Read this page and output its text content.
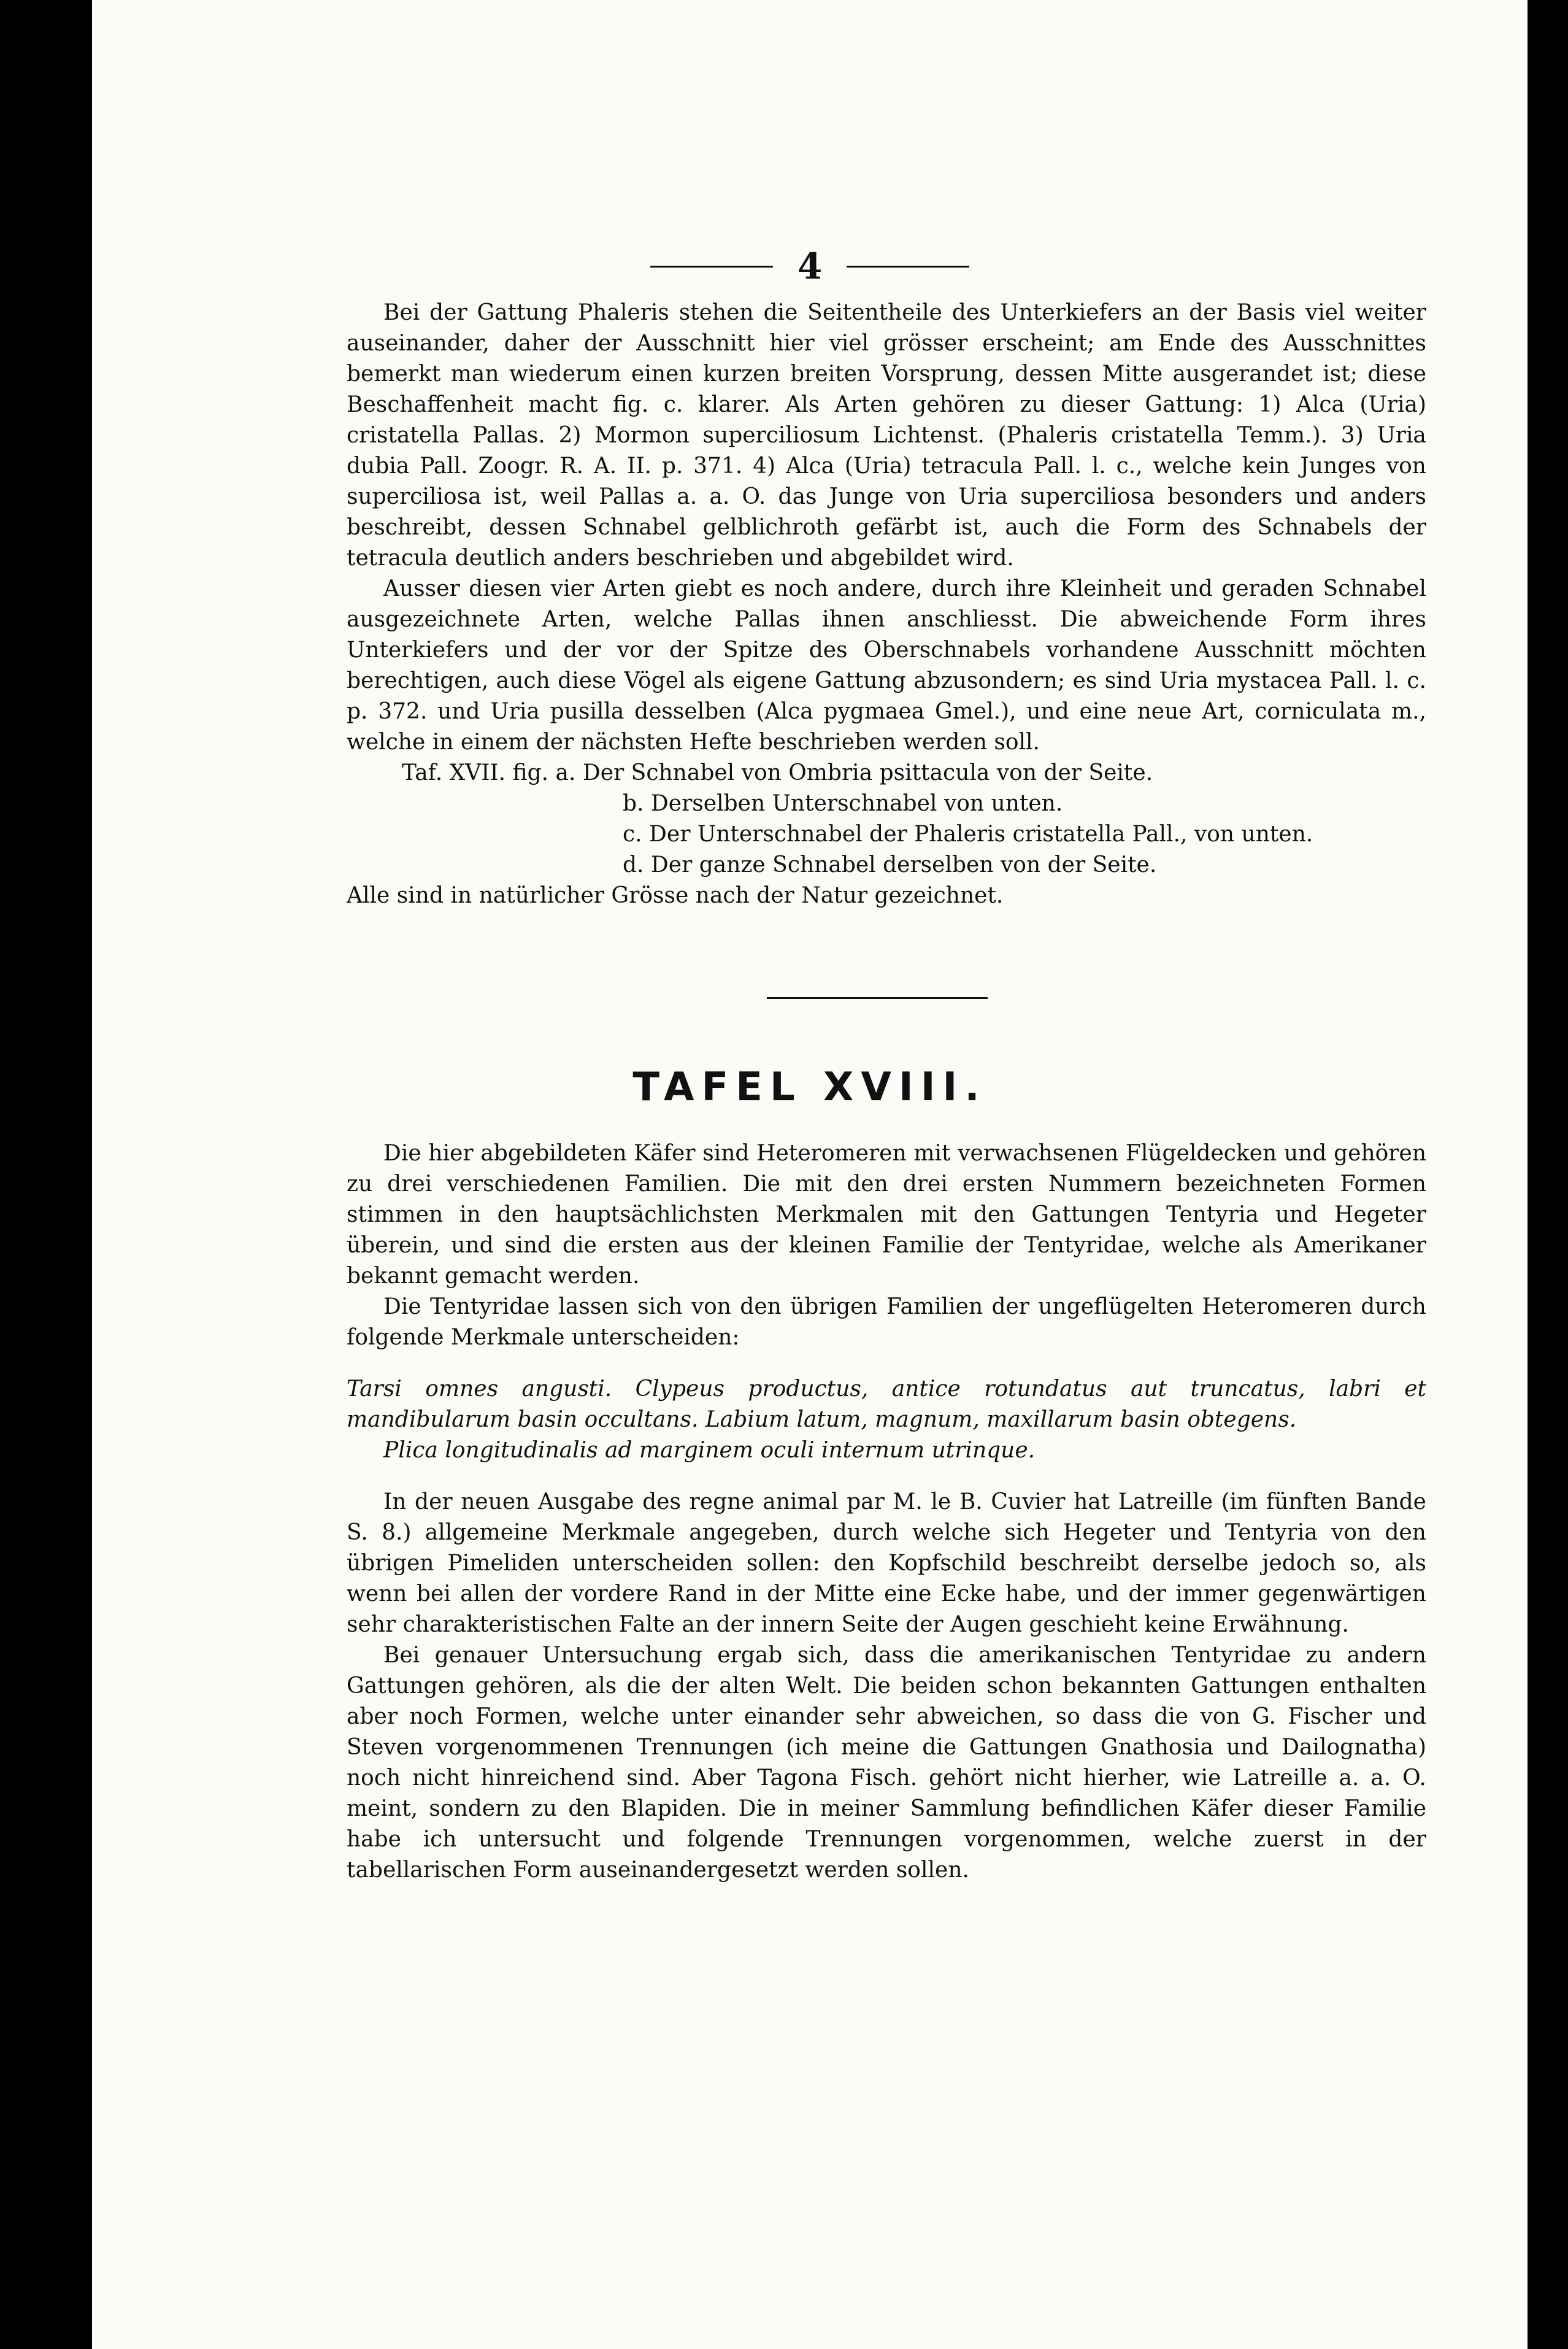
4

Bei der Gattung Phaleris stehen die Seitentheile des Unterkiefers an der Basis viel weiter auseinander, daher der Ausschnitt hier viel grösser erscheint; am Ende des Ausschnittes bemerkt man wiederum einen kurzen breiten Vorsprung, dessen Mitte ausgerandet ist; diese Beschaffenheit macht fig. c. klarer. Als Arten gehören zu dieser Gattung: 1) Alca (Uria) cristatella Pallas. 2) Mormon superciliosum Lichtenst. (Phaleris cristatella Temm.). 3) Uria dubia Pall. Zoogr. R. A. II. p. 371. 4) Alca (Uria) tetracula Pall. l. c., welche kein Junges von superciliosa ist, weil Pallas a. a. O. das Junge von Uria superciliosa besonders und anders beschreibt, dessen Schnabel gelblichroth gefärbt ist, auch die Form des Schnabels der tetracula deutlich anders beschrieben und abgebildet wird.

Ausser diesen vier Arten giebt es noch andere, durch ihre Kleinheit und geraden Schnabel ausgezeichnete Arten, welche Pallas ihnen anschliesst. Die abweichende Form ihres Unterkiefers und der vor der Spitze des Oberschnabels vorhandene Ausschnitt möchten berechtigen, auch diese Vögel als eigene Gattung abzusondern; es sind Uria mystacea Pall. l. c. p. 372. und Uria pusilla desselben (Alca pygmaea Gmel.), und eine neue Art, corniculata m., welche in einem der nächsten Hefte beschrieben werden soll.

Taf. XVII. fig. a. Der Schnabel von Ombria psittacula von der Seite.

b. Derselben Unterschnabel von unten.

c. Der Unterschnabel der Phaleris cristatella Pall., von unten.

d. Der ganze Schnabel derselben von der Seite.

Alle sind in natürlicher Grösse nach der Natur gezeichnet.

TAFEL XVIII.

Die hier abgebildeten Käfer sind Heteromeren mit verwachsenen Flügeldecken und gehören zu drei verschiedenen Familien. Die mit den drei ersten Nummern bezeichneten Formen stimmen in den hauptsächlichsten Merkmalen mit den Gattungen Tentyria und Hegeter überein, und sind die ersten aus der kleinen Familie der Tentyridae, welche als Amerikaner bekannt gemacht werden.

Die Tentyridae lassen sich von den übrigen Familien der ungeflügelten Heteromeren durch folgende Merkmale unterscheiden:

Tarsi omnes angusti. Clypeus productus, antice rotundatus aut truncatus, labri et mandibularum basin occultans. Labium latum, magnum, maxillarum basin obtegens.

Plica longitudinalis ad marginem oculi internum utrinque.

In der neuen Ausgabe des regne animal par M. le B. Cuvier hat Latreille (im fünften Bande S. 8.) allgemeine Merkmale angegeben, durch welche sich Hegeter und Tentyria von den übrigen Pimeliden unterscheiden sollen: den Kopfschild beschreibt derselbe jedoch so, als wenn bei allen der vordere Rand in der Mitte eine Ecke habe, und der immer gegenwärtigen sehr charakteristischen Falte an der innern Seite der Augen geschieht keine Erwähnung.

Bei genauer Untersuchung ergab sich, dass die amerikanischen Tentyridae zu andern Gattungen gehören, als die der alten Welt. Die beiden schon bekannten Gattungen enthalten aber noch Formen, welche unter einander sehr abweichen, so dass die von G. Fischer und Steven vorgenommenen Trennungen (ich meine die Gattungen Gnathosia und Dailognatha) noch nicht hinreichend sind. Aber Tagona Fisch. gehört nicht hierher, wie Latreille a. a. O. meint, sondern zu den Blapiden. Die in meiner Sammlung befindlichen Käfer dieser Familie habe ich untersucht und folgende Trennungen vorgenommen, welche zuerst in der tabellarischen Form auseinandergesetzt werden sollen.
